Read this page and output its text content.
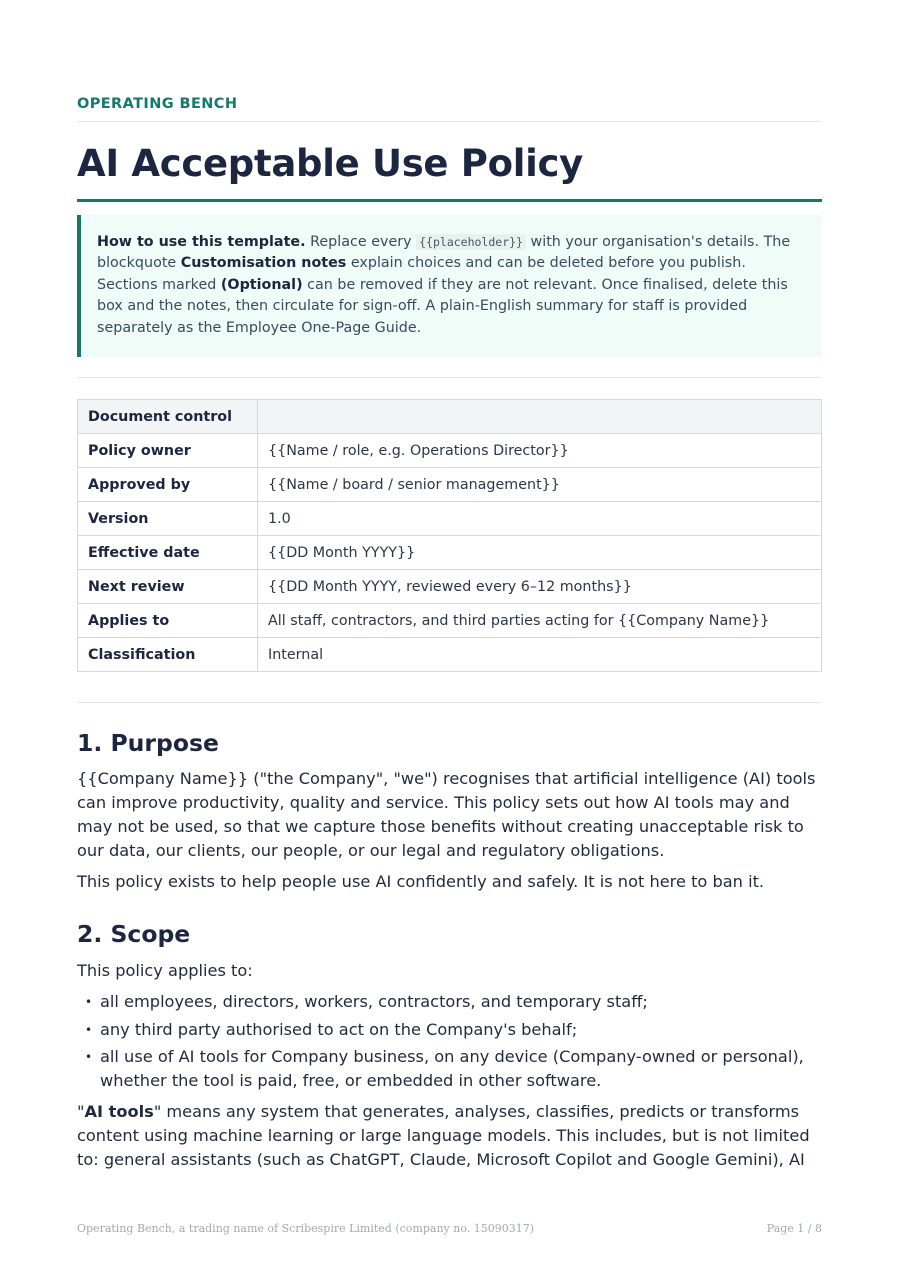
OPERATING BENCH
AI Acceptable Use Policy
How to use this template. Replace every {{placeholder}} with your organisation's details. The blockquote Customisation notes explain choices and can be deleted before you publish. Sections marked (Optional) can be removed if they are not relevant. Once finalised, delete this box and the notes, then circulate for sign-off. A plain-English summary for staff is provided separately as the Employee One-Page Guide.
Document control	
Policy owner	{{Name / role, e.g. Operations Director}}
Approved by	{{Name / board / senior management}}
Version	1.0
Effective date	{{DD Month YYYY}}
Next review	{{DD Month YYYY, reviewed every 6–12 months}}
Applies to	All staff, contractors, and third parties acting for {{Company Name}}
Classification	Internal
1. Purpose

{{Company Name}} ("the Company", "we") recognises that artificial intelligence (AI) tools can improve productivity, quality and service. This policy sets out how AI tools may and may not be used, so that we capture those benefits without creating unacceptable risk to our data, our clients, our people, or our legal and regulatory obligations.

This policy exists to help people use AI confidently and safely. It is not here to ban it.

2. Scope

This policy applies to:

• all employees, directors, workers, contractors, and temporary staff;
• any third party authorised to act on the Company's behalf;
• all use of AI tools for Company business, on any device (Company-owned or personal), whether the tool is paid, free, or embedded in other software.

"AI tools" means any system that generates, analyses, classifies, predicts or transforms content using machine learning or large language models. This includes, but is not limited to: general assistants (such as ChatGPT, Claude, Microsoft Copilot and Google Gemini), AI

Operating Bench, a trading name of Scribespire Limited (company no. 15090317)	Page 1 / 8
